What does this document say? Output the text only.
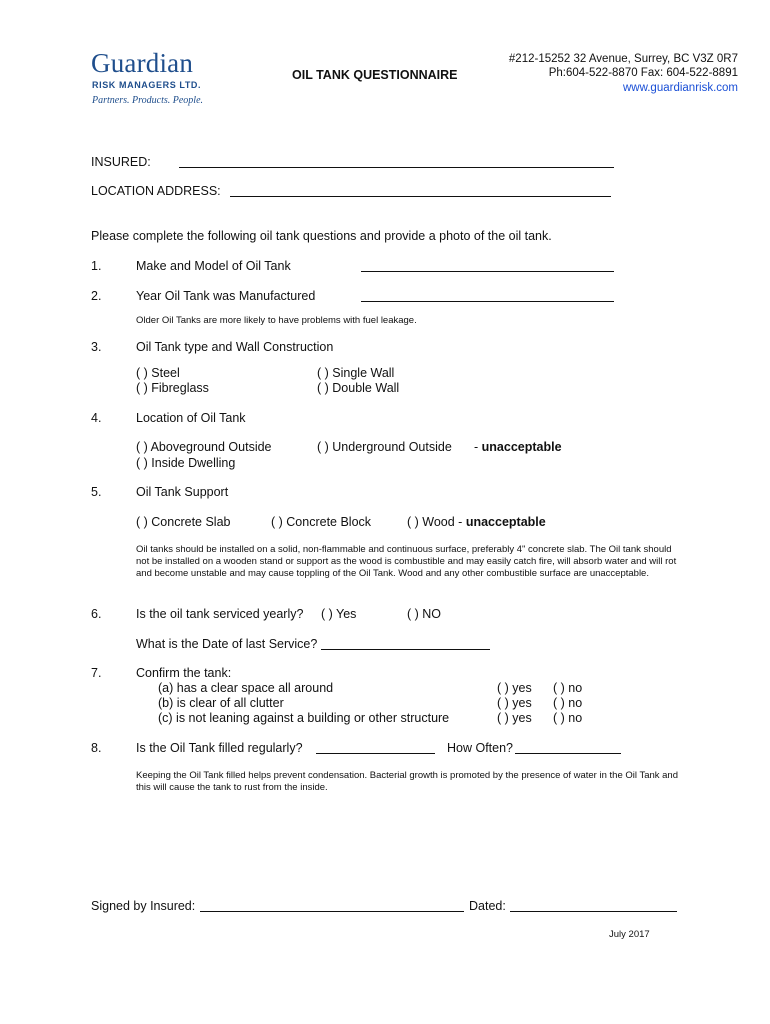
Guardian
RISK MANAGERS LTD.
Partners. Products. People.
OIL TANK QUESTIONNAIRE
#212-15252 32 Avenue, Surrey, BC V3Z 0R7
Ph:604-522-8870 Fax: 604-522-8891
www.guardianrisk.com
INSURED:
LOCATION ADDRESS:
Please complete the following oil tank questions and provide a photo of the oil tank.
1.	Make and Model of Oil Tank
2.	Year Oil Tank was Manufactured
Older Oil Tanks are more likely to have problems with fuel leakage.
3.	Oil Tank type and Wall Construction
( ) Steel	( ) Single Wall
( ) Fibreglass	( ) Double Wall
4.	Location of Oil Tank
( ) Aboveground Outside	( ) Underground Outside - unacceptable
( ) Inside Dwelling
5.	Oil Tank Support
( ) Concrete Slab	( ) Concrete Block	( ) Wood - unacceptable
Oil tanks should be installed on a solid, non-flammable and continuous surface, preferably 4" concrete slab. The Oil tank should not be installed on a wooden stand or support as the wood is combustible and may easily catch fire, will absorb water and will rot and become unstable and may cause toppling of the Oil Tank. Wood and any other combustible surface are unacceptable.
6.	Is the oil tank serviced yearly? ( ) Yes	( ) NO
What is the Date of last Service?
7.	Confirm the tank:
(a) has a clear space all around	( ) yes ( ) no
(b) is clear of all clutter	( ) yes ( ) no
(c) is not leaning against a building or other structure	( ) yes ( ) no
8.	Is the Oil Tank filled regularly?	How Often?
Keeping the Oil Tank filled helps prevent condensation. Bacterial growth is promoted by the presence of water in the Oil Tank and this will cause the tank to rust from the inside.
Signed by Insured:	Dated:
July 2017
